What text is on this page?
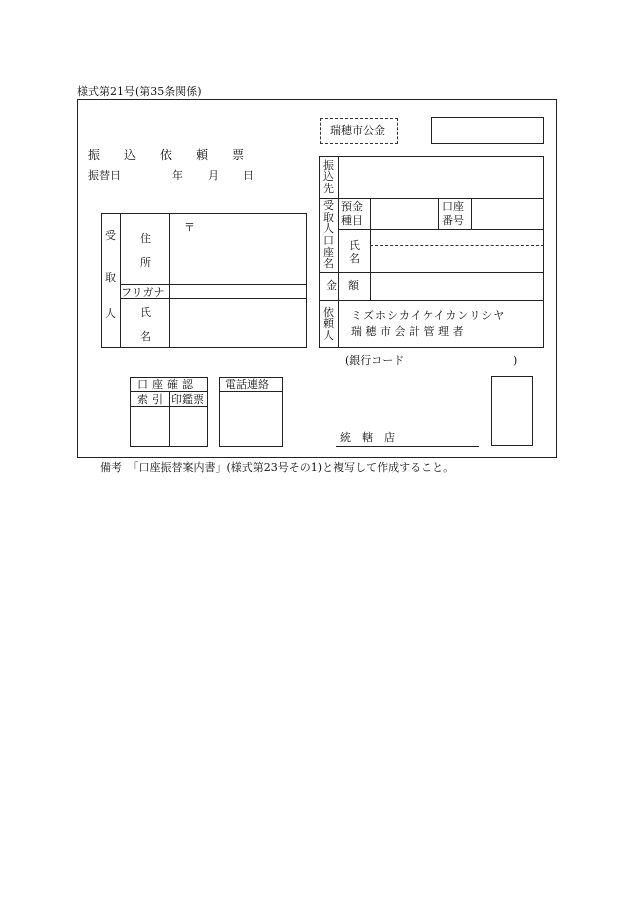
様式第21号(第35条関係)
振　　込　　依　　頼　　票
振替日	年 月 日
瑞穂市公金
受
取
人
住
所
〒
フリガナ
氏
名
振
込
先
受
取
人
口
座
名
預金
種目
口座
番号
氏
名
金　額
依
頼
人
ミズホシカイケイカンリシヤ
瑞 穂 市 会 計 管 理 者
(銀行コード	)
口座確認
索引 印鑑票
電話連絡
統　轄　店
備考　「口座振替案内書」(様式第23号その1)と複写して作成すること。
